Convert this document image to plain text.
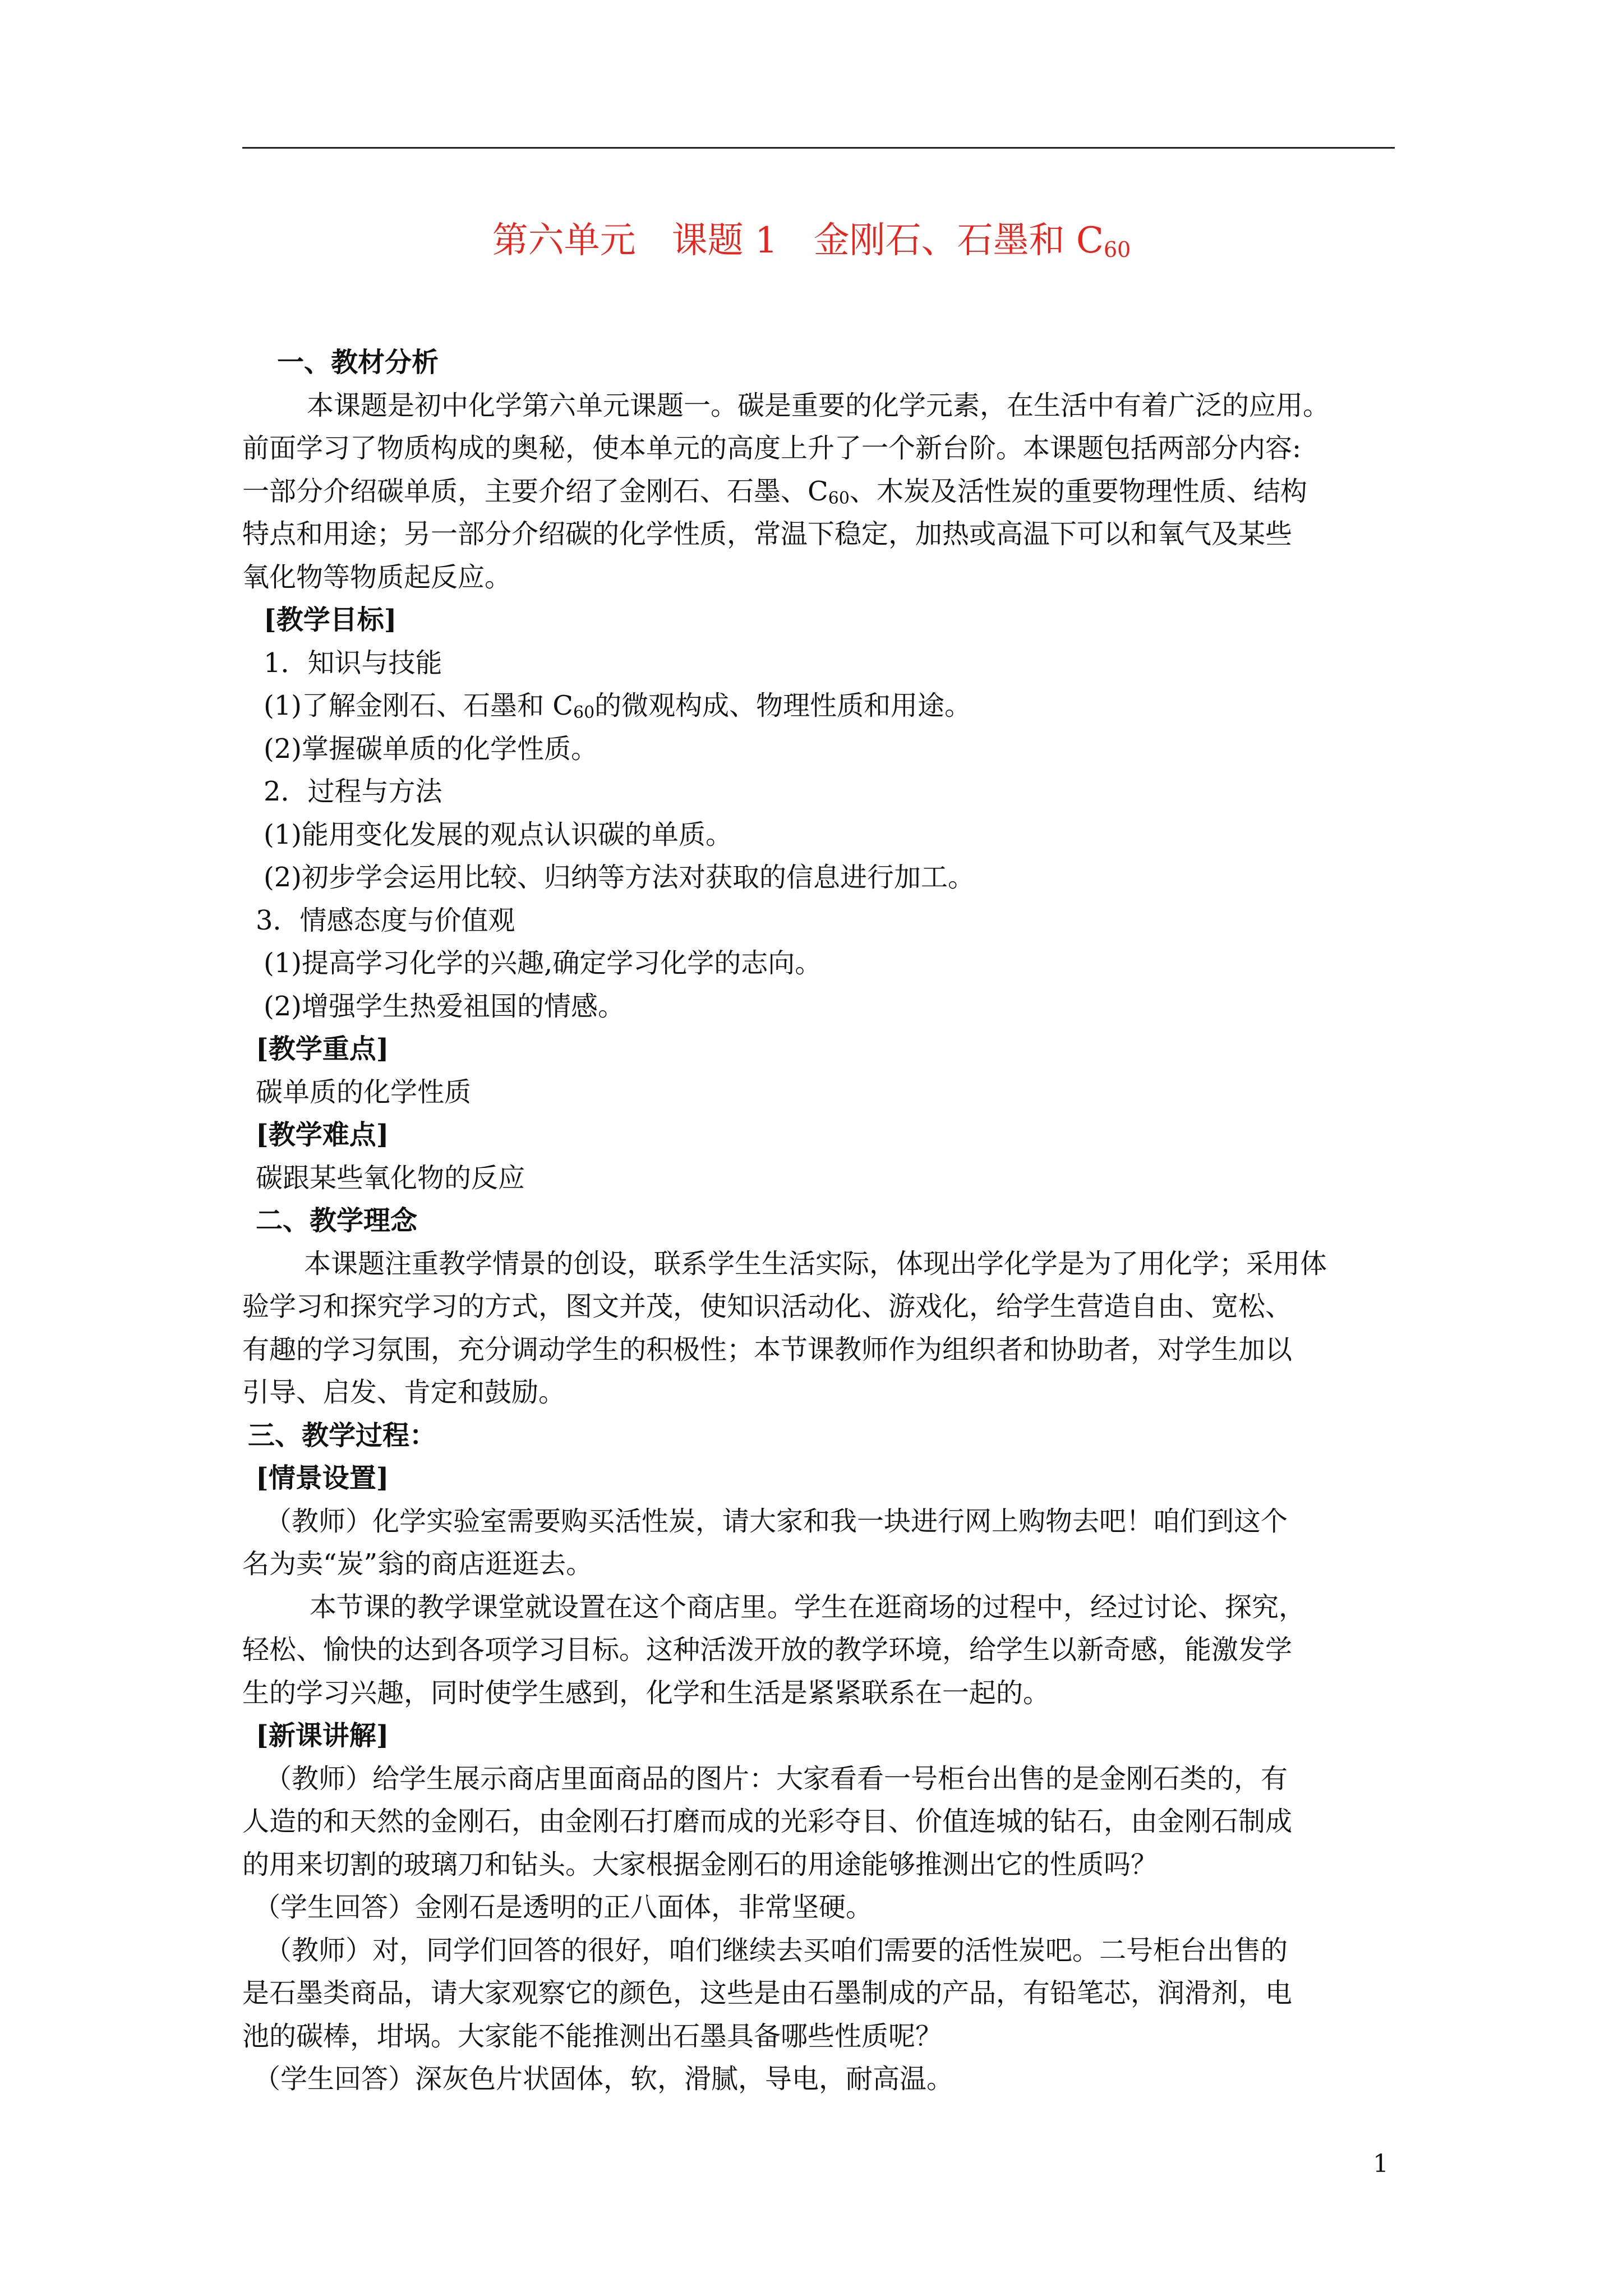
第六单元 课题 1 金刚石、石墨和 $C_{60}$

一、教材分析

本课题是初中化学第六单元课题一。碳是重要的化学元素，在生活中有着广泛的应用。

前面学习了物质构成的奥秘，使本单元的高度上升了一个新台阶。本课题包括两部分内容:

一部分介绍碳单质，主要介绍了金刚石、石墨、$C_{60}$、木炭及活性炭的重要物理性质、结构

特点和用途；另一部分介绍碳的化学性质，常温下稳定，加热或高温下可以和氧气及某些

氧化物等物质起反应。

[教学目标]

1．知识与技能

(1)了解金刚石、石墨和 $C_{60}$的微观构成、物理性质和用途。

(2)掌握碳单质的化学性质。

2．过程与方法

(1)能用变化发展的观点认识碳的单质。

(2)初步学会运用比较、归纳等方法对获取的信息进行加工。

3．情感态度与价值观

(1)提高学习化学的兴趣,确定学习化学的志向。

(2)增强学生热爱祖国的情感。

[教学重点]

碳单质的化学性质

[教学难点]

碳跟某些氧化物的反应

二、教学理念

本课题注重教学情景的创设，联系学生生活实际，体现出学化学是为了用化学；采用体

验学习和探究学习的方式，图文并茂，使知识活动化、游戏化，给学生营造自由、宽松、

有趣的学习氛围，充分调动学生的积极性；本节课教师作为组织者和协助者，对学生加以

引导、启发、肯定和鼓励。

三、教学过程：

[情景设置]

（教师）化学实验室需要购买活性炭，请大家和我一块进行网上购物去吧！咱们到这个

名为卖“炭”翁的商店逛逛去。

本节课的教学课堂就设置在这个商店里。学生在逛商场的过程中，经过讨论、探究，

轻松、愉快的达到各项学习目标。这种活泼开放的教学环境，给学生以新奇感，能激发学

生的学习兴趣，同时使学生感到，化学和生活是紧紧联系在一起的。

[新课讲解]

（教师）给学生展示商店里面商品的图片：大家看看一号柜台出售的是金刚石类的，有

人造的和天然的金刚石，由金刚石打磨而成的光彩夺目、价值连城的钻石，由金刚石制成

的用来切割的玻璃刀和钻头。大家根据金刚石的用途能够推测出它的性质吗？

（学生回答）金刚石是透明的正八面体，非常坚硬。

（教师）对，同学们回答的很好，咱们继续去买咱们需要的活性炭吧。二号柜台出售的

是石墨类商品，请大家观察它的颜色，这些是由石墨制成的产品，有铅笔芯，润滑剂，电

池的碳棒，坩埚。大家能不能推测出石墨具备哪些性质呢？

（学生回答）深灰色片状固体，软，滑腻，导电，耐高温。

1
